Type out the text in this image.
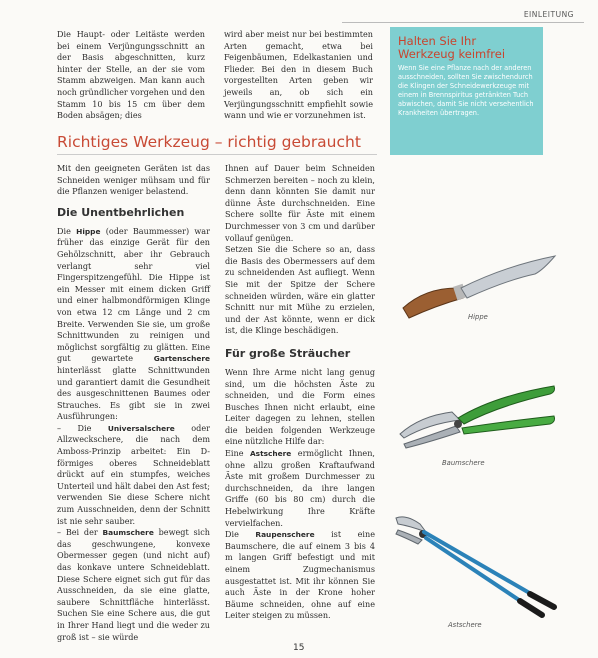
EINLEITUNG
Die Haupt- oder Leitäste werden bei einem Verjüngungsschnitt an der Basis abgeschnitten, kurz hinter der Stelle, an der sie vom Stamm abzweigen. Man kann auch noch gründlicher vorgehen und den Stamm 10 bis 15 cm über dem Boden absägen; dies
wird aber meist nur bei bestimmten Arten gemacht, etwa bei Feigenbäumen, Edelkastanien und Flieder. Bei den in diesem Buch vorgestellten Arten geben wir jeweils an, ob sich ein Verjüngungsschnitt empfiehlt sowie wann und wie er vorzunehmen ist.
Halten Sie Ihr
Werkzeug keimfrei
Wenn Sie eine Pflanze nach der anderen ausschneiden, sollten Sie zwischendurch die Klingen der Schneidewerkzeuge mit einem in Brennspiritus getränkten Tuch abwischen, damit Sie nicht versehentlich Krankheiten übertragen.
Richtiges Werkzeug – richtig gebraucht

Mit den geeigneten Geräten ist das Schneiden weniger mühsam und für die Pflanzen weniger belastend.

Die Unentbehrlichen

Die Hippe (oder Baummesser) war früher das einzige Gerät für den Gehölzschnitt, aber ihr Gebrauch verlangt sehr viel Fingerspitzengefühl. Die Hippe ist ein Messer mit einem dicken Griff und einer halbmondförmigen Klinge von etwa 12 cm Länge und 2 cm Breite. Verwenden Sie sie, um große Schnittwunden zu reinigen und möglichst sorgfältig zu glätten. Eine gut gewartete Gartenschere hinterlässt glatte Schnittwunden und garantiert damit die Gesundheit des ausgeschnittenen Baumes oder Strauches. Es gibt sie in zwei Ausführungen:

– Die Universalschere oder Allzweckschere, die nach dem Amboss-Prinzip arbeitet: Ein D-förmiges oberes Schneideblatt drückt auf ein stumpfes, weiches Unterteil und hält dabei den Ast fest; verwenden Sie diese Schere nicht zum Ausschneiden, denn der Schnitt ist nie sehr sauber.

– Bei der Baumschere bewegt sich das geschwungene, konvexe Obermesser gegen (und nicht auf) das konkave untere Schneideblatt. Diese Schere eignet sich gut für das Ausschneiden, da sie eine glatte, saubere Schnittfläche hinterlässt. Suchen Sie eine Schere aus, die gut in Ihrer Hand liegt und die weder zu groß ist – sie würde

Ihnen auf Dauer beim Schneiden Schmerzen bereiten – noch zu klein, denn dann könnten Sie damit nur dünne Äste durchschneiden. Eine Schere sollte für Äste mit einem Durchmesser von 3 cm und darüber vollauf genügen.

Setzen Sie die Schere so an, dass die Basis des Obermessers auf dem zu schneidenden Ast aufliegt. Wenn Sie mit der Spitze der Schere schneiden würden, wäre ein glatter Schnitt nur mit Mühe zu erzielen, und der Ast könnte, wenn er dick ist, die Klinge beschädigen.

Für große Sträucher

Wenn Ihre Arme nicht lang genug sind, um die höchsten Äste zu schneiden, und die Form eines Busches Ihnen nicht erlaubt, eine Leiter dagegen zu lehnen, stellen die beiden folgenden Werkzeuge eine nützliche Hilfe dar:

Eine Astschere ermöglicht Ihnen, ohne allzu großen Kraftaufwand Äste mit großem Durchmesser zu durchschneiden, da ihre langen Griffe (60 bis 80 cm) durch die Hebelwirkung Ihre Kräfte vervielfachen.

Die Raupenschere ist eine Baumschere, die auf einem 3 bis 4 m langen Griff befestigt und mit einem Zugmechanismus ausgestattet ist. Mit ihr können Sie auch Äste in der Krone hoher Bäume schneiden, ohne auf eine Leiter steigen zu müssen.

Hippe
Baumschere
Astschere
15
